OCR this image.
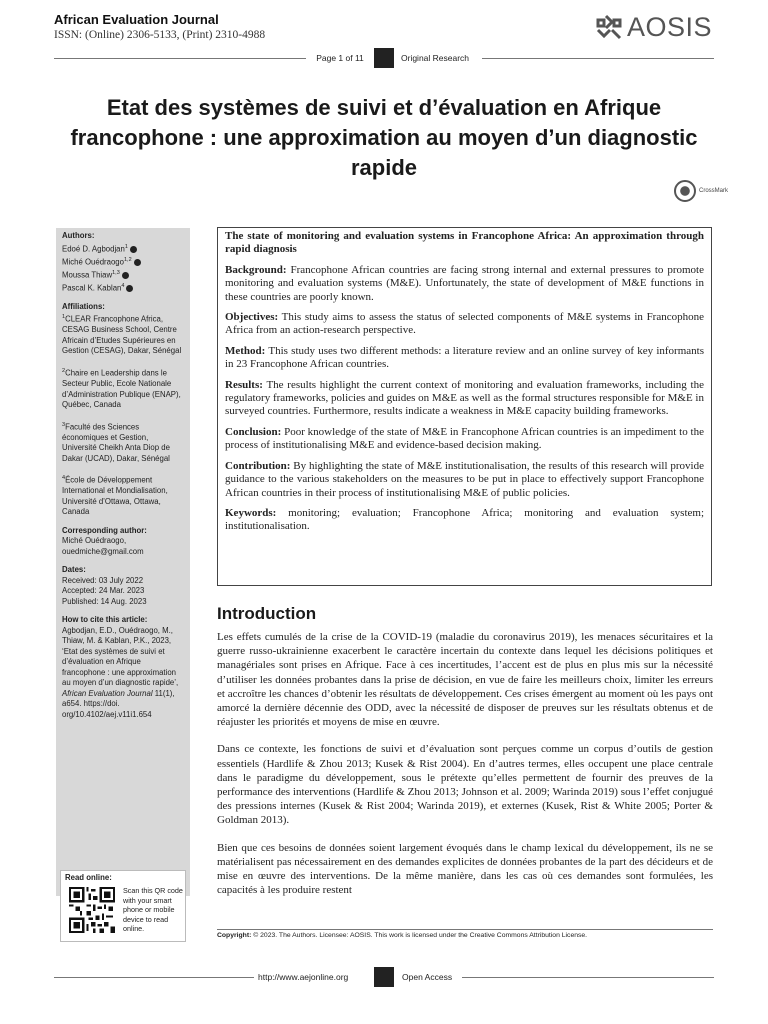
African Evaluation Journal
ISSN: (Online) 2306-5133, (Print) 2310-4988	AOSIS
Page 1 of 11	Original Research
Etat des systèmes de suivi et d’évaluation en Afrique francophone : une approximation au moyen d’un diagnostic rapide
CrossMark
Authors:
Edoé D. Agbodjan$^1$
Miché Ouédraogo$^{1,2}$
Moussa Thiaw$^{1,3}$
Pascal K. Kablan$^4$
Affiliations:
$^1$CLEAR Francophone Africa, CESAG Business School, Centre Africain d’Etudes Supérieures en Gestion (CESAG), Dakar, Sénégal
$^2$Chaire en Leadership dans le Secteur Public, Ecole Nationale d’Administration Publique (ENAP), Québec, Canada
$^3$Faculté des Sciences économiques et Gestion, Université Cheikh Anta Diop de Dakar (UCAD), Dakar, Sénégal
$^4$École de Développement International et Mondialisation, Université d’Ottawa, Ottawa, Canada
Corresponding author:
Miché Ouédraogo,
ouedmiche@gmail.com
Dates:
Received: 03 July 2022
Accepted: 24 Mar. 2023
Published: 14 Aug. 2023
How to cite this article:
Agbodjan, E.D., Ouédraogo, M., Thiaw, M. & Kablan, P.K., 2023, ‘Etat des systèmes de suivi et d’évaluation en Afrique francophone : une approximation au moyen d’un diagnostic rapide’, African Evaluation Journal 11(1), a654. https://doi. org/10.4102/aej.v11i1.654
Read online:
Scan this QR code with your smart phone or mobile device to read online.

The state of monitoring and evaluation systems in Francophone Africa: An approximation through rapid diagnosis

Background: Francophone African countries are facing strong internal and external pressures to promote monitoring and evaluation systems (M&E). Unfortunately, the state of development of M&E functions in these countries are poorly known.

Objectives: This study aims to assess the status of selected components of M&E systems in Francophone Africa from an action-research perspective.

Method: This study uses two different methods: a literature review and an online survey of key informants in 23 Francophone African countries.

Results: The results highlight the current context of monitoring and evaluation frameworks, including the regulatory frameworks, policies and guides on M&E as well as the formal structures responsible for M&E in surveyed countries. Furthermore, results indicate a weakness in M&E capacity building frameworks.

Conclusion: Poor knowledge of the state of M&E in Francophone African countries is an impediment to the process of institutionalising M&E and evidence-based decision making.

Contribution: By highlighting the state of M&E institutionalisation, the results of this research will provide guidance to the various stakeholders on the measures to be put in place to effectively support Francophone African countries in their process of institutionalising M&E of public policies.

Keywords: monitoring; evaluation; Francophone Africa; monitoring and evaluation system; institutionalisation.

Introduction

Les effets cumulés de la crise de la COVID-19 (maladie du coronavirus 2019), les menaces sécuritaires et la guerre russo-ukrainienne exacerbent le caractère incertain du contexte dans lequel les décisions politiques et managériales sont prises en Afrique. Face à ces incertitudes, l’accent est de plus en plus mis sur la nécessité d’utiliser les données probantes dans la prise de décision, en vue de faire les meilleurs choix, limiter les erreurs et accroître les chances d’obtenir les résultats de développement. Ces crises émergent au moment où les pays ont amorcé la dernière décennie des ODD, avec la nécessité de disposer de preuves sur les résultats obtenus et de réajuster les priorités et moyens de mise en œuvre.

Dans ce contexte, les fonctions de suivi et d’évaluation sont perçues comme un corpus d’outils de gestion essentiels (Hardlife & Zhou 2013; Kusek & Rist 2004). En d’autres termes, elles occupent une place centrale dans le paradigme du développement, sous le prétexte qu’elles permettent de fournir des preuves de la performance des interventions (Hardlife & Zhou 2013; Johnson et al. 2009; Warinda 2019) sous l’effet conjugué des pressions internes (Kusek & Rist 2004; Warinda 2019), et externes (Kusek, Rist & White 2005; Porter & Goldman 2013).

Bien que ces besoins de données soient largement évoqués dans le champ lexical du développement, ils ne se matérialisent pas nécessairement en des demandes explicites de données probantes de la part des décideurs et de mise en œuvre des interventions. De la même manière, dans les cas où ces demandes sont formulées, les capacités à les produire restent

Copyright: © 2023. The Authors. Licensee: AOSIS. This work is licensed under the Creative Commons Attribution License.
http://www.aejonline.org	Open Access
